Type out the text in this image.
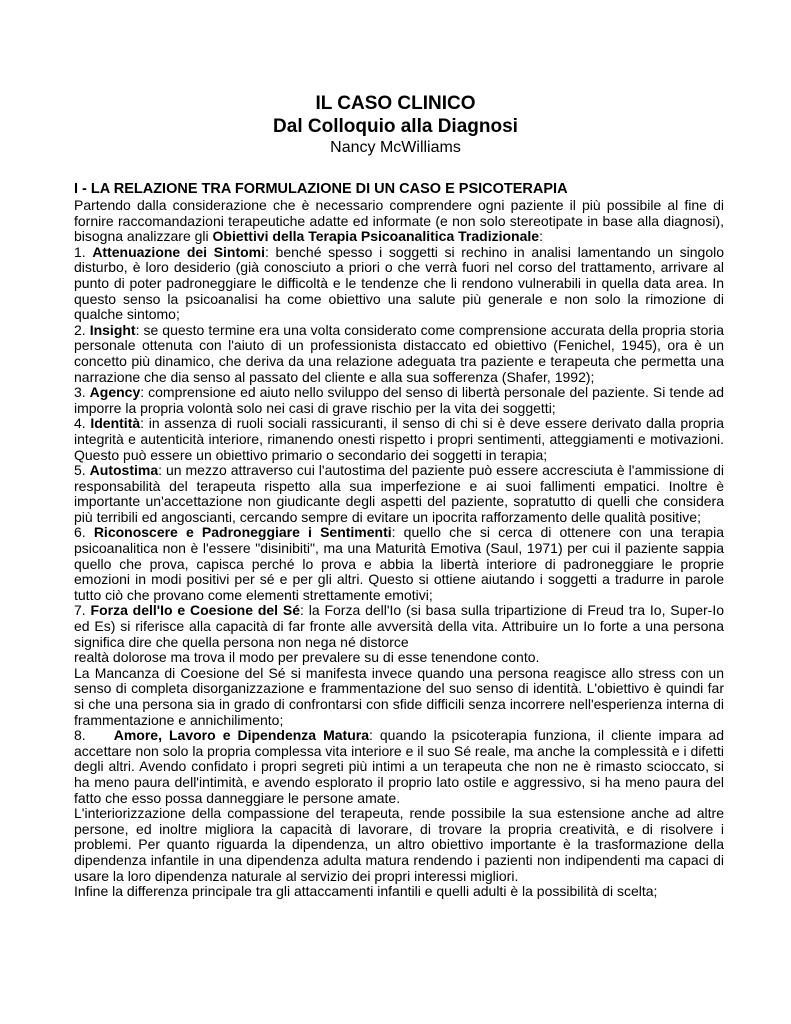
IL CASO CLINICO

Dal Colloquio alla Diagnosi

Nancy McWilliams

I - LA RELAZIONE TRA FORMULAZIONE DI UN CASO E PSICOTERAPIA

Partendo dalla considerazione che è necessario comprendere ogni paziente il più possibile al fine di fornire raccomandazioni terapeutiche adatte ed informate (e non solo stereotipate in base alla diagnosi), bisogna analizzare gli Obiettivi della Terapia Psicoanalitica Tradizionale:

1. Attenuazione dei Sintomi: benché spesso i soggetti si rechino in analisi lamentando un singolo disturbo, è loro desiderio (già conosciuto a priori o che verrà fuori nel corso del trattamento, arrivare al punto di poter padroneggiare le difficoltà e le tendenze che li rendono vulnerabili in quella data area. In questo senso la psicoanalisi ha come obiettivo una salute più generale e non solo la rimozione di qualche sintomo;

2. Insight: se questo termine era una volta considerato come comprensione accurata della propria storia personale ottenuta con l'aiuto di un professionista distaccato ed obiettivo (Fenichel, 1945), ora è un concetto più dinamico, che deriva da una relazione adeguata tra paziente e terapeuta che permetta una narrazione che dia senso al passato del cliente e alla sua sofferenza (Shafer, 1992);

3. Agency: comprensione ed aiuto nello sviluppo del senso di libertà personale del paziente. Si tende ad imporre la propria volontà solo nei casi di grave rischio per la vita dei soggetti;

4. Identità: in assenza di ruoli sociali rassicuranti, il senso di chi si è deve essere derivato dalla propria integrità e autenticità interiore, rimanendo onesti rispetto i propri sentimenti, atteggiamenti e motivazioni. Questo può essere un obiettivo primario o secondario dei soggetti in terapia;

5. Autostima: un mezzo attraverso cui l'autostima del paziente può essere accresciuta è l'ammissione di responsabilità del terapeuta rispetto alla sua imperfezione e ai suoi fallimenti empatici. Inoltre è importante un'accettazione non giudicante degli aspetti del paziente, sopratutto di quelli che considera più terribili ed angoscianti, cercando sempre di evitare un ipocrita rafforzamento delle qualità positive;

6. Riconoscere e Padroneggiare i Sentimenti: quello che si cerca di ottenere con una terapia psicoanalitica non è l'essere "disinibiti", ma una Maturità Emotiva (Saul, 1971) per cui il paziente sappia quello che prova, capisca perché lo prova e abbia la libertà interiore di padroneggiare le proprie emozioni in modi positivi per sé e per gli altri. Questo si ottiene aiutando i soggetti a tradurre in parole tutto ciò che provano come elementi strettamente emotivi;

7. Forza dell'Io e Coesione del Sé: la Forza dell'Io (si basa sulla tripartizione di Freud tra Io, Super-Io ed Es) si riferisce alla capacità di far fronte alle avversità della vita. Attribuire un Io forte a una persona significa dire che quella persona non nega né distorce

realtà dolorose ma trova il modo per prevalere su di esse tenendone conto.

La Mancanza di Coesione del Sé si manifesta invece quando una persona reagisce allo stress con un senso di completa disorganizzazione e frammentazione del suo senso di identità. L'obiettivo è quindi far si che una persona sia in grado di confrontarsi con sfide difficili senza incorrere nell'esperienza interna di frammentazione e annichilimento;

8.    Amore, Lavoro e Dipendenza Matura: quando la psicoterapia funziona, il cliente impara ad accettare non solo la propria complessa vita interiore e il suo Sé reale, ma anche la complessità e i difetti degli altri. Avendo confidato i propri segreti più intimi a un terapeuta che non ne è rimasto scioccato, si ha meno paura dell'intimità, e avendo esplorato il proprio lato ostile e aggressivo, si ha meno paura del fatto che esso possa danneggiare le persone amate.

L'interiorizzazione della compassione del terapeuta, rende possibile la sua estensione anche ad altre persone, ed inoltre migliora la capacità di lavorare, di trovare la propria creatività, e di risolvere i problemi. Per quanto riguarda la dipendenza, un altro obiettivo importante è la trasformazione della dipendenza infantile in una dipendenza adulta matura rendendo i pazienti non indipendenti ma capaci di usare la loro dipendenza naturale al servizio dei propri interessi migliori.

Infine la differenza principale tra gli attaccamenti infantili e quelli adulti è la possibilità di scelta;
